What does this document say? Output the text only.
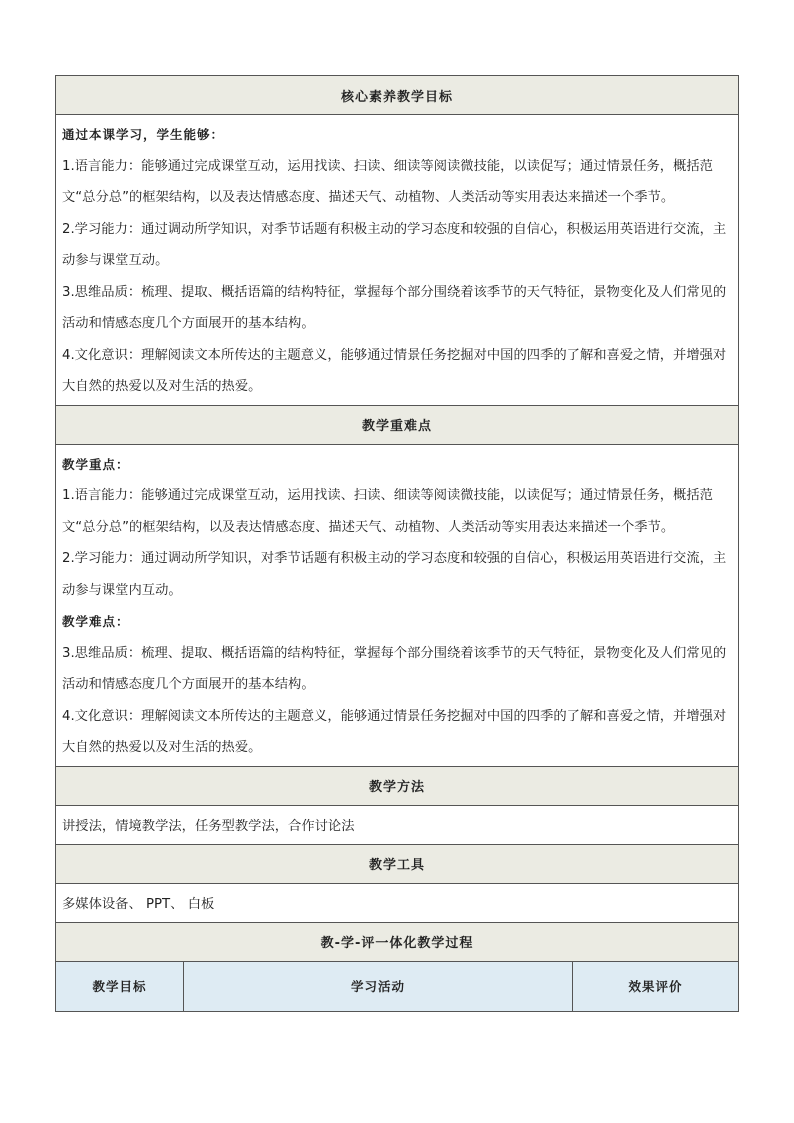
核心素养教学目标

通过本课学习，学生能够：

1.语言能力：能够通过完成课堂互动，运用找读、扫读、细读等阅读微技能，以读促写；通过情景任务，概括范文“总分总”的框架结构，以及表达情感态度、描述天气、动植物、人类活动等实用表达来描述一个季节。

2.学习能力：通过调动所学知识，对季节话题有积极主动的学习态度和较强的自信心，积极运用英语进行交流，主动参与课堂互动。

3.思维品质：梳理、提取、概括语篇的结构特征，掌握每个部分围绕着该季节的天气特征，景物变化及人们常见的活动和情感态度几个方面展开的基本结构。

4.文化意识：理解阅读文本所传达的主题意义，能够通过情景任务挖掘对中国的四季的了解和喜爱之情，并增强对大自然的热爱以及对生活的热爱。

教学重难点

教学重点：

1.语言能力：能够通过完成课堂互动，运用找读、扫读、细读等阅读微技能，以读促写；通过情景任务，概括范文“总分总”的框架结构，以及表达情感态度、描述天气、动植物、人类活动等实用表达来描述一个季节。

2.学习能力：通过调动所学知识，对季节话题有积极主动的学习态度和较强的自信心，积极运用英语进行交流，主动参与课堂内互动。

教学难点：

3.思维品质：梳理、提取、概括语篇的结构特征，掌握每个部分围绕着该季节的天气特征，景物变化及人们常见的活动和情感态度几个方面展开的基本结构。

4.文化意识：理解阅读文本所传达的主题意义，能够通过情景任务挖掘对中国的四季的了解和喜爱之情，并增强对大自然的热爱以及对生活的热爱。

教学方法
讲授法，情境教学法，任务型教学法，合作讨论法
教学工具
多媒体设备、 PPT、 白板
教-学-评一体化教学过程
教学目标	学习活动	效果评价
